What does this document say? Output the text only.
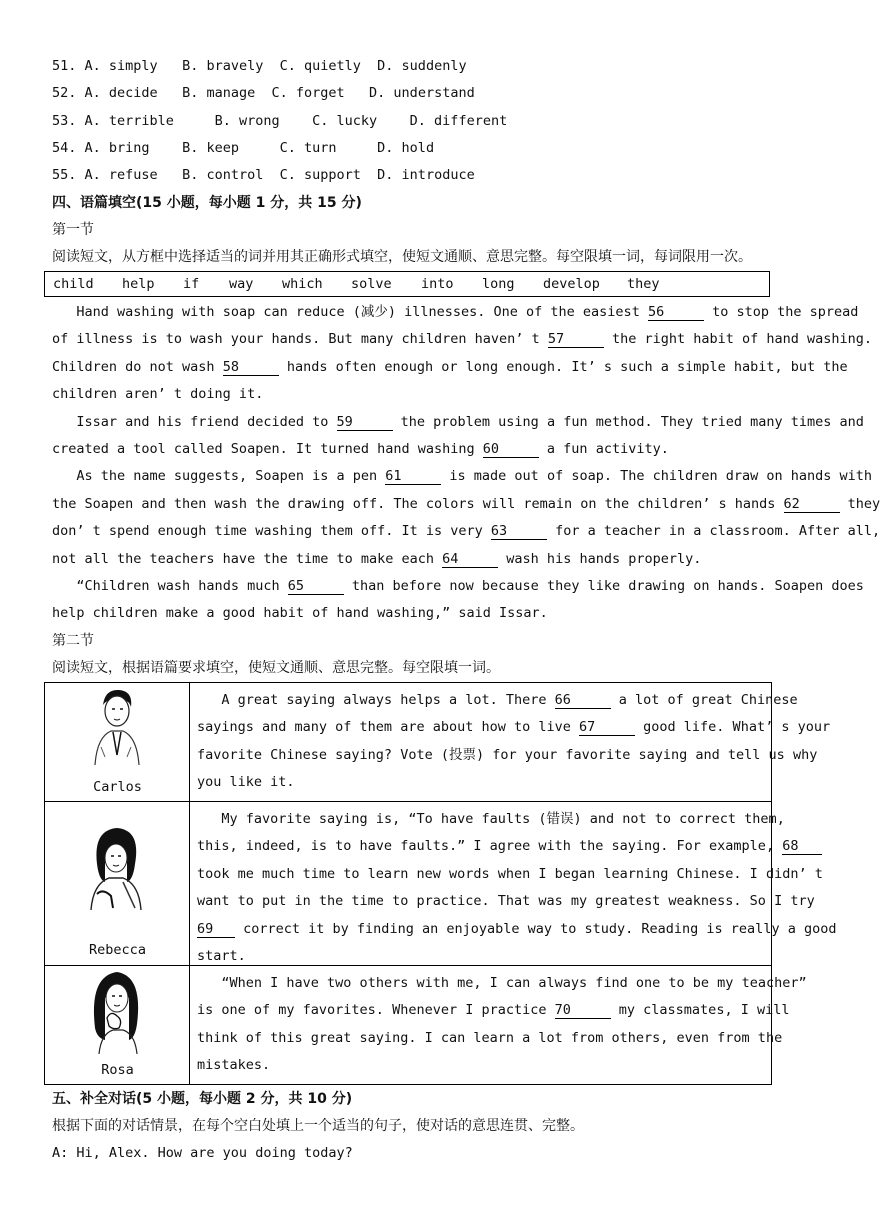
51. A. simply B. bravely C. quietly D. suddenly
52. A. decide B. manage C. forget D. understand
53. A. terrible	B. wrong C. lucky D. different
54. A. bring B. keep	C. turn	D. hold
55. A. refuse B. control C. support D. introduce
四、语篇填空(15 小题，每小题 1 分，共 15 分)
第一节
阅读短文，从方框中选择适当的词并用其正确形式填空，使短文通顺、意思完整。每空限填一词，每词限用一次。
child help if way which solve into long develop they
Hand washing with soap can reduce (减少) illnesses. One of the easiest 56	to stop the spread
of illness is to wash your hands. But many children haven’ t 57	the right habit of hand washing.
Children do not wash 58	hands often enough or long enough. It’ s such a simple habit, but the
children aren’ t doing it.
Issar and his friend decided to 59	the problem using a fun method. They tried many times and
created a tool called Soapen. It turned hand washing 60	a fun activity.
As the name suggests, Soapen is a pen 61	is made out of soap. The children draw on hands with
the Soapen and then wash the drawing off. The colors will remain on the children’ s hands 62	they
don’ t spend enough time washing them off. It is very 63	for a teacher in a classroom. After all,
not all the teachers have the time to make each 64	wash his hands properly.
“Children wash hands much 65	than before now because they like drawing on hands. Soapen does
help children make a good habit of hand washing,” said Issar.
第二节
阅读短文，根据语篇要求填空，使短文通顺、意思完整。每空限填一词。
Carlos
A great saying always helps a lot. There 66	a lot of great Chinese
sayings and many of them are about how to live 67	good life. What’ s your
favorite Chinese saying? Vote (投票) for your favorite saying and tell us why
you like it.
Rebecca
My favorite saying is, “To have faults (错误) and not to correct them,
this, indeed, is to have faults.” I agree with the saying. For example, 68
took me much time to learn new words when I began learning Chinese. I didn’ t
want to put in the time to practice. That was my greatest weakness. So I try
69 correct it by finding an enjoyable way to study. Reading is really a good
start.
Rosa
“When I have two others with me, I can always find one to be my teacher”
is one of my favorites. Whenever I practice 70	my classmates, I will
think of this great saying. I can learn a lot from others, even from the
mistakes.
五、补全对话(5 小题，每小题 2 分，共 10 分)
根据下面的对话情景，在每个空白处填上一个适当的句子，使对话的意思连贯、完整。
A: Hi, Alex. How are you doing today?
